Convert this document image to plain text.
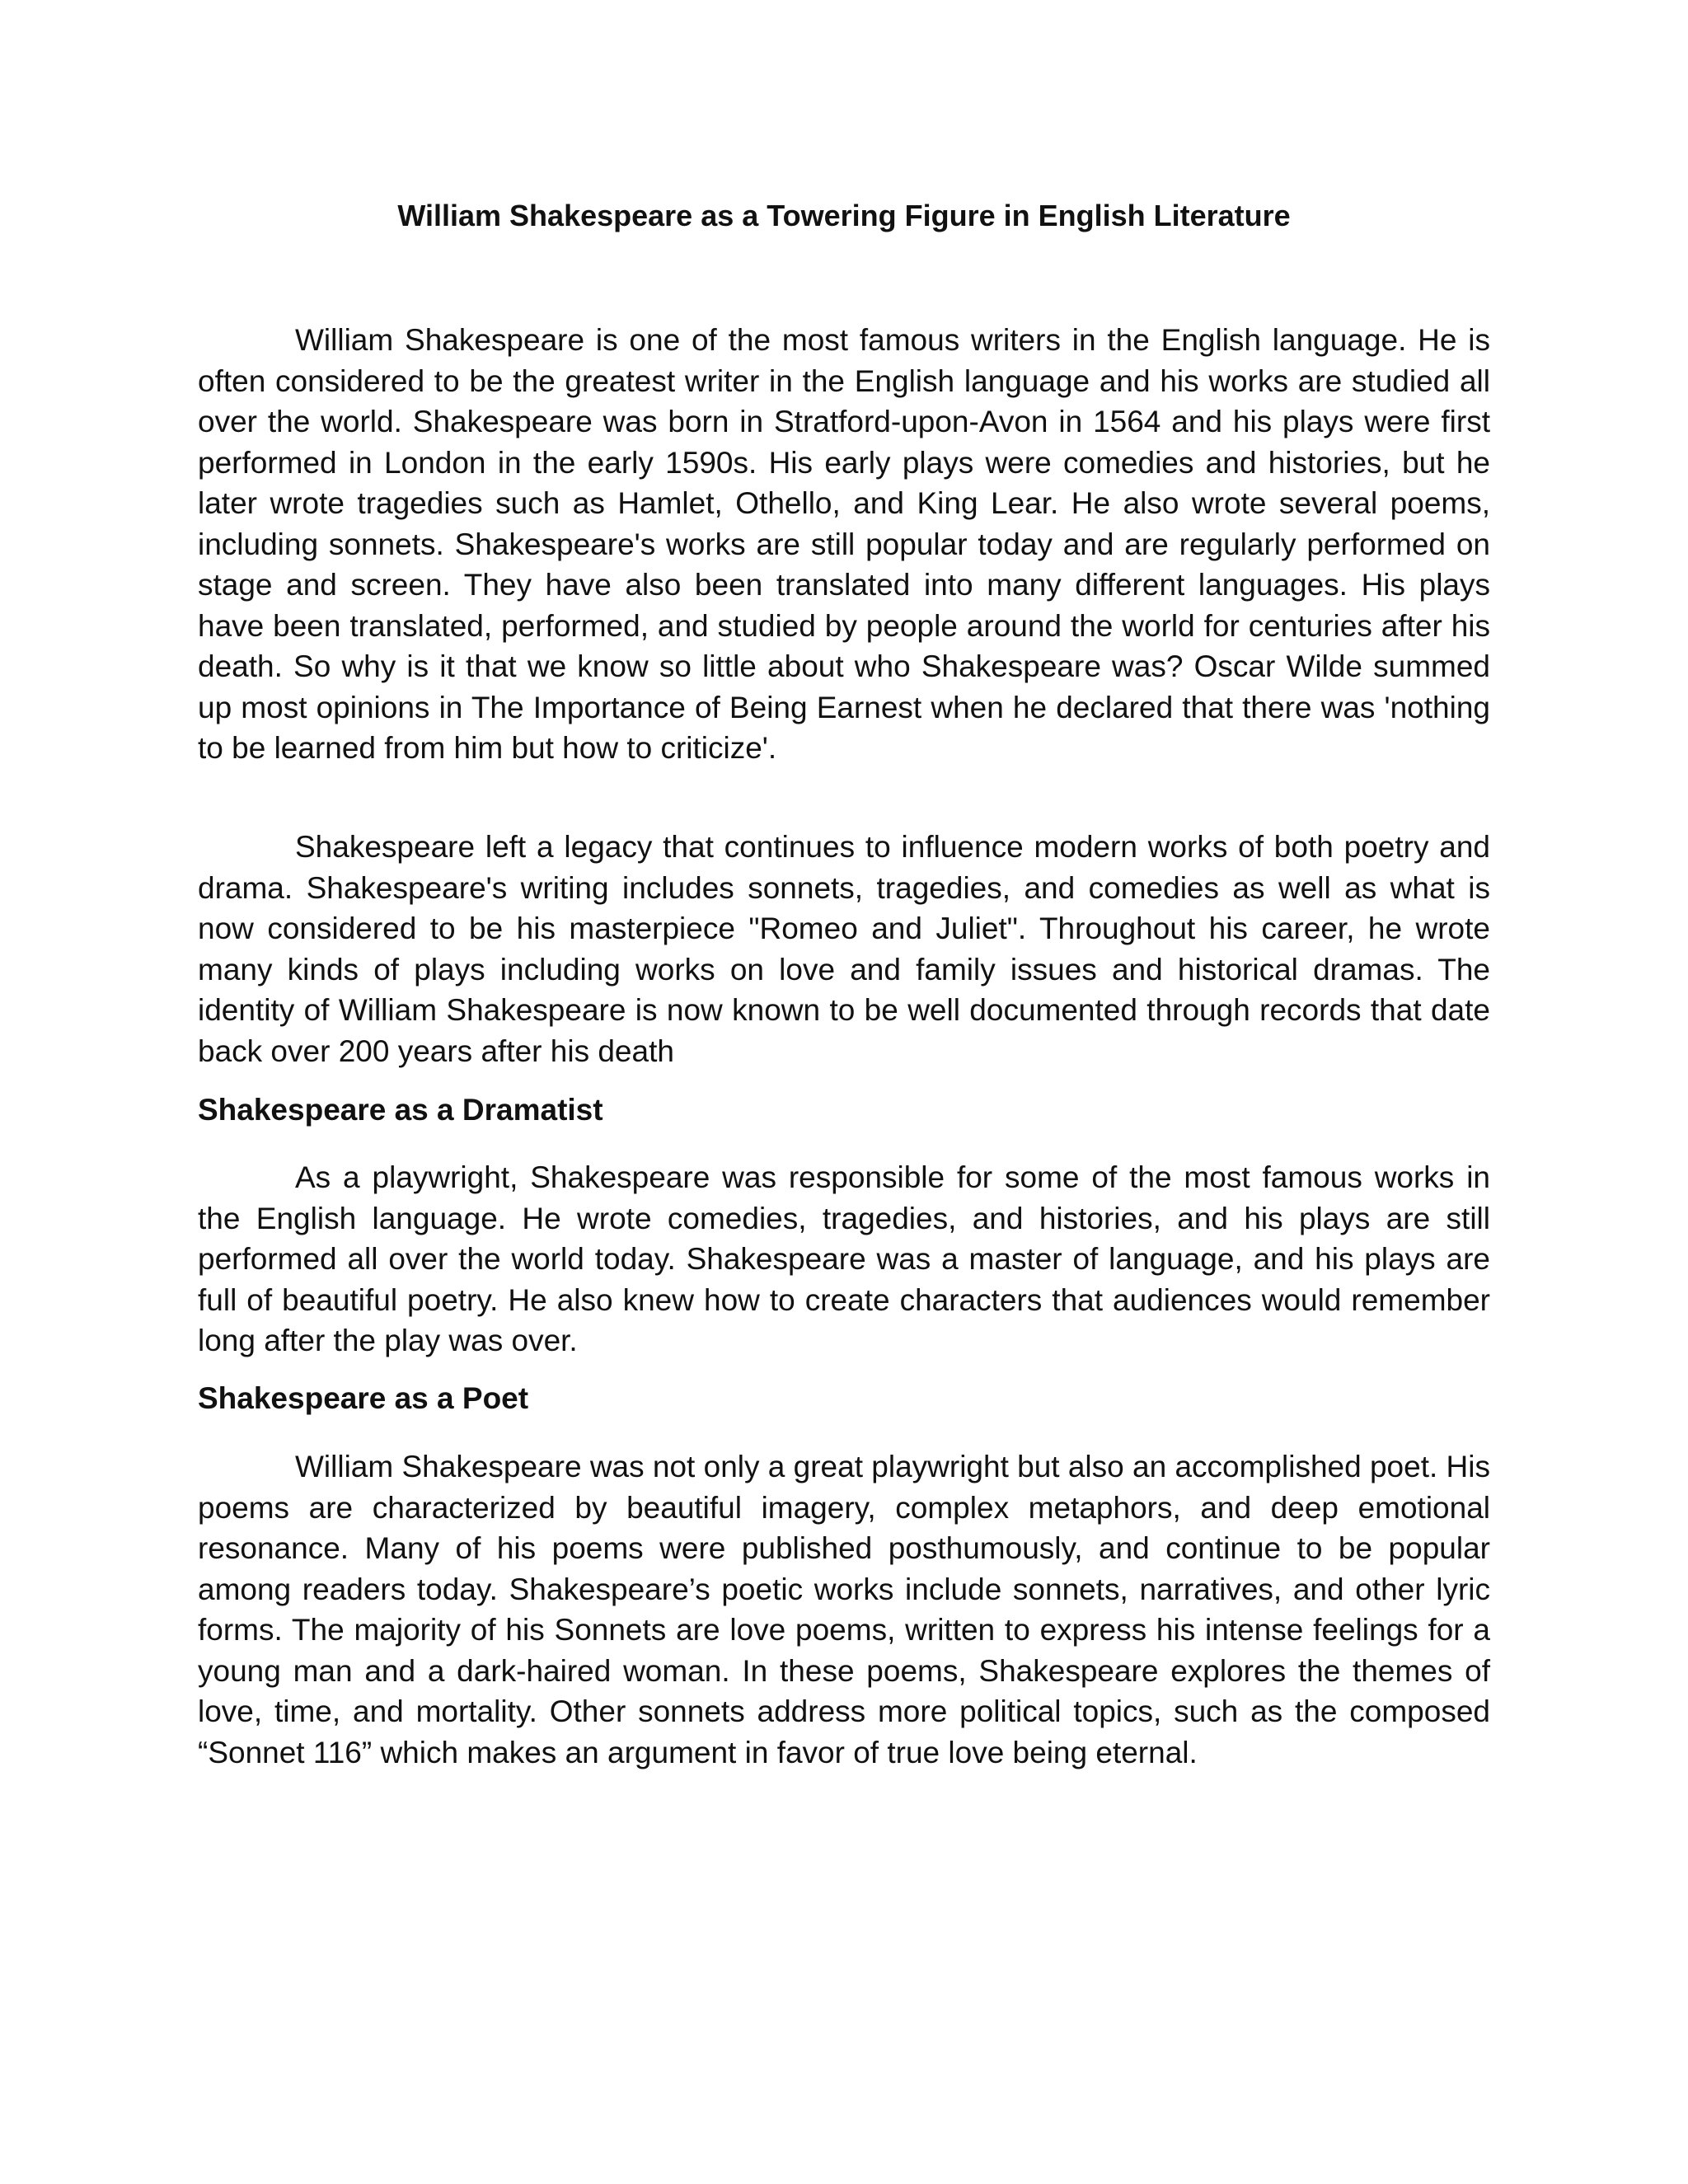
William Shakespeare as a Towering Figure in English Literature

William Shakespeare is one of the most famous writers in the English language. He is often considered to be the greatest writer in the English language and his works are studied all over the world. Shakespeare was born in Stratford-upon-Avon in 1564 and his plays were first performed in London in the early 1590s. His early plays were comedies and histories, but he later wrote tragedies such as Hamlet, Othello, and King Lear. He also wrote several poems, including sonnets. Shakespeare's works are still popular today and are regularly performed on stage and screen. They have also been translated into many different languages. His plays have been translated, performed, and studied by people around the world for centuries after his death. So why is it that we know so little about who Shakespeare was? Oscar Wilde summed up most opinions in The Importance of Being Earnest when he declared that there was 'nothing to be learned from him but how to criticize'.

Shakespeare left a legacy that continues to influence modern works of both poetry and drama. Shakespeare's writing includes sonnets, tragedies, and comedies as well as what is now considered to be his masterpiece "Romeo and Juliet". Throughout his career, he wrote many kinds of plays including works on love and family issues and historical dramas. The identity of William Shakespeare is now known to be well documented through records that date back over 200 years after his death

Shakespeare as a Dramatist

As a playwright, Shakespeare was responsible for some of the most famous works in the English language. He wrote comedies, tragedies, and histories, and his plays are still performed all over the world today. Shakespeare was a master of language, and his plays are full of beautiful poetry. He also knew how to create characters that audiences would remember long after the play was over.

Shakespeare as a Poet

William Shakespeare was not only a great playwright but also an accomplished poet. His poems are characterized by beautiful imagery, complex metaphors, and deep emotional resonance. Many of his poems were published posthumously, and continue to be popular among readers today. Shakespeare’s poetic works include sonnets, narratives, and other lyric forms. The majority of his Sonnets are love poems, written to express his intense feelings for a young man and a dark-haired woman. In these poems, Shakespeare explores the themes of love, time, and mortality. Other sonnets address more political topics, such as the composed “Sonnet 116” which makes an argument in favor of true love being eternal.
